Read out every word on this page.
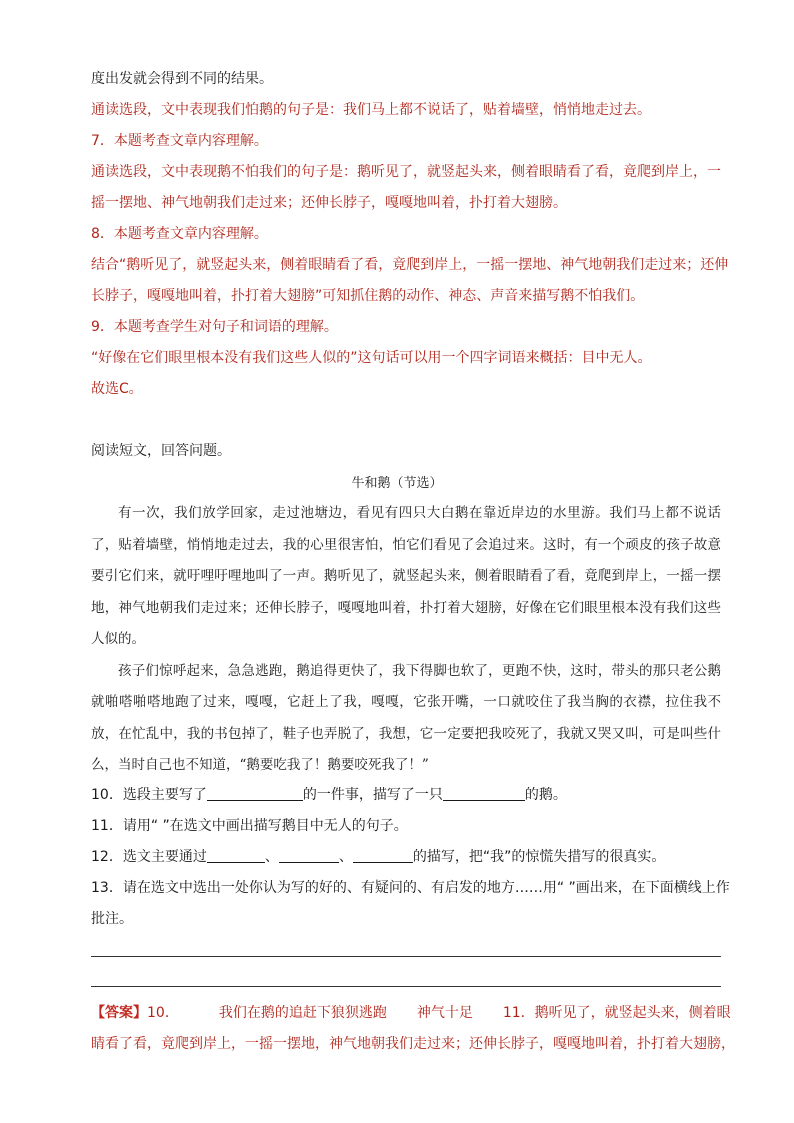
度出发就会得到不同的结果。
通读选段，文中表现我们怕鹅的句子是：我们马上都不说话了，贴着墙壁，悄悄地走过去。
7．本题考查文章内容理解。
通读选段，文中表现鹅不怕我们的句子是：鹅听见了，就竖起头来，侧着眼睛看了看，竟爬到岸上，一
摇一摆地、神气地朝我们走过来；还伸长脖子，嘎嘎地叫着，扑打着大翅膀。
8．本题考查文章内容理解。
结合“鹅听见了，就竖起头来，侧着眼睛看了看，竟爬到岸上，一摇一摆地、神气地朝我们走过来；还伸
长脖子，嘎嘎地叫着，扑打着大翅膀”可知抓住鹅的动作、神态、声音来描写鹅不怕我们。
9．本题考查学生对句子和词语的理解。
“好像在它们眼里根本没有我们这些人似的”这句话可以用一个四字词语来概括：目中无人。
故选C。
阅读短文，回答问题。
牛和鹅（节选）

有一次，我们放学回家，走过池塘边，看见有四只大白鹅在靠近岸边的水里游。我们马上都不说话了，贴着墙壁，悄悄地走过去，我的心里很害怕，怕它们看见了会追过来。这时，有一个顽皮的孩子故意要引它们来，就吁哩吁哩地叫了一声。鹅听见了，就竖起头来，侧着眼睛看了看，竟爬到岸上，一摇一摆地，神气地朝我们走过来；还伸长脖子，嘎嘎地叫着，扑打着大翅膀，好像在它们眼里根本没有我们这些人似的。

孩子们惊呼起来，急急逃跑，鹅追得更快了，我下得脚也软了，更跑不快，这时，带头的那只老公鹅就啪嗒啪嗒地跑了过来，嘎嘎，它赶上了我，嘎嘎，它张开嘴，一口就咬住了我当胸的衣襟，拉住我不放，在忙乱中，我的书包掉了，鞋子也弄脱了，我想，它一定要把我咬死了，我就又哭又叫，可是叫些什么，当时自己也不知道，“鹅要吃我了！鹅要咬死我了！”

10．选段主要写了	的一件事，描写了一只	的鹅。
11．请用“ ”在选文中画出描写鹅目中无人的句子。
12．选文主要通过	、	、	的描写，把“我”的惊慌失措写的很真实。
13．请在选文中选出一处你认为写的好的、有疑问的、有启发的地方……用“ ”画出来，在下面横线上作
批注。
【答案】10．	我们在鹅的追赶下狼狈逃跑 神气十足 11．鹅听见了，就竖起头来，侧着眼
睛看了看，竟爬到岸上，一摇一摆地，神气地朝我们走过来；还伸长脖子，嘎嘎地叫着，扑打着大翅膀，
